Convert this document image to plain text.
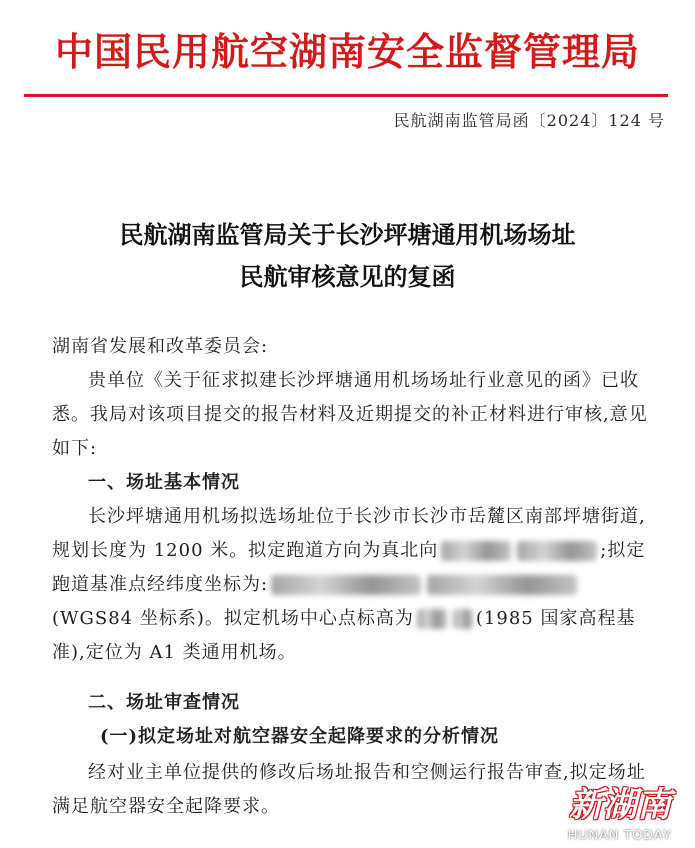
中国民用航空湖南安全监督管理局
民航湖南监管局函〔2024〕124 号
民航湖南监管局关于长沙坪塘通用机场场址
民航审核意见的复函
湖南省发展和改革委员会:
贵单位《关于征求拟建长沙坪塘通用机场场址行业意见的函》已收悉。我局对该项目提交的报告材料及近期提交的补正材料进行审核,意见如下:
一、场址基本情况
长沙坪塘通用机场拟选场址位于长沙市长沙市岳麓区南部坪塘街道,规划长度为 1200 米。拟定跑道方向为真北向	;拟定跑道基准点经纬度坐标为:(WGS84 坐标系)。拟定机场中心点标高为	(1985 国家高程基准),定位为 A1 类通用机场。
二、场址审查情况
(一)拟定场址对航空器安全起降要求的分析情况
经对业主单位提供的修改后场址报告和空侧运行报告审查,拟定场址满足航空器安全起降要求。	新湖南
HUNAN TODAY
